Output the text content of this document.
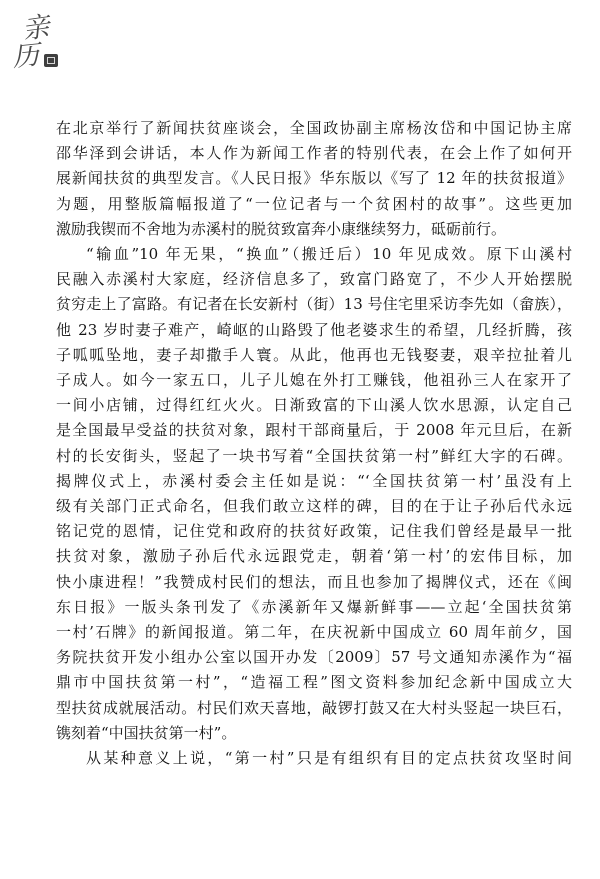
亲
历

在北京举行了新闻扶贫座谈会，全国政协副主席杨汝岱和中国记协主席

邵华泽到会讲话，本人作为新闻工作者的特别代表，在会上作了如何开

展新闻扶贫的典型发言。《人民日报》华东版以《写了 12 年的扶贫报道》

为题，用整版篇幅报道了“一位记者与一个贫困村的故事”。这些更加

激励我锲而不舍地为赤溪村的脱贫致富奔小康继续努力，砥砺前行。

“输血”10 年无果，“换血”（搬迁后）10 年见成效。原下山溪村

民融入赤溪村大家庭，经济信息多了，致富门路宽了，不少人开始摆脱

贫穷走上了富路。有记者在长安新村（街）13 号住宅里采访李先如（畲族），

他 23 岁时妻子难产，崎岖的山路毁了他老婆求生的希望，几经折腾，孩

子呱呱坠地，妻子却撒手人寰。从此，他再也无钱娶妻，艰辛拉扯着儿

子成人。如今一家五口，儿子儿媳在外打工赚钱，他祖孙三人在家开了

一间小店铺，过得红红火火。日渐致富的下山溪人饮水思源，认定自己

是全国最早受益的扶贫对象，跟村干部商量后，于 2008 年元旦后，在新

村的长安街头，竖起了一块书写着“全国扶贫第一村”鲜红大字的石碑。

揭牌仪式上，赤溪村委会主任如是说：“‘全国扶贫第一村’虽没有上

级有关部门正式命名，但我们敢立这样的碑，目的在于让子孙后代永远

铭记党的恩情，记住党和政府的扶贫好政策，记住我们曾经是最早一批

扶贫对象，激励子孙后代永远跟党走，朝着‘第一村’的宏伟目标，加

快小康进程！”我赞成村民们的想法，而且也参加了揭牌仪式，还在《闽

东日报》一版头条刊发了《赤溪新年又爆新鲜事——立起‘全国扶贫第

一村’石牌》的新闻报道。第二年，在庆祝新中国成立 60 周年前夕，国

务院扶贫开发小组办公室以国开办发〔2009〕57 号文通知赤溪作为“福

鼎市中国扶贫第一村”，“造福工程”图文资料参加纪念新中国成立大

型扶贫成就展活动。村民们欢天喜地，敲锣打鼓又在大村头竖起一块巨石，

镌刻着“中国扶贫第一村”。

从某种意义上说，“第一村”只是有组织有目的定点扶贫攻坚时间
